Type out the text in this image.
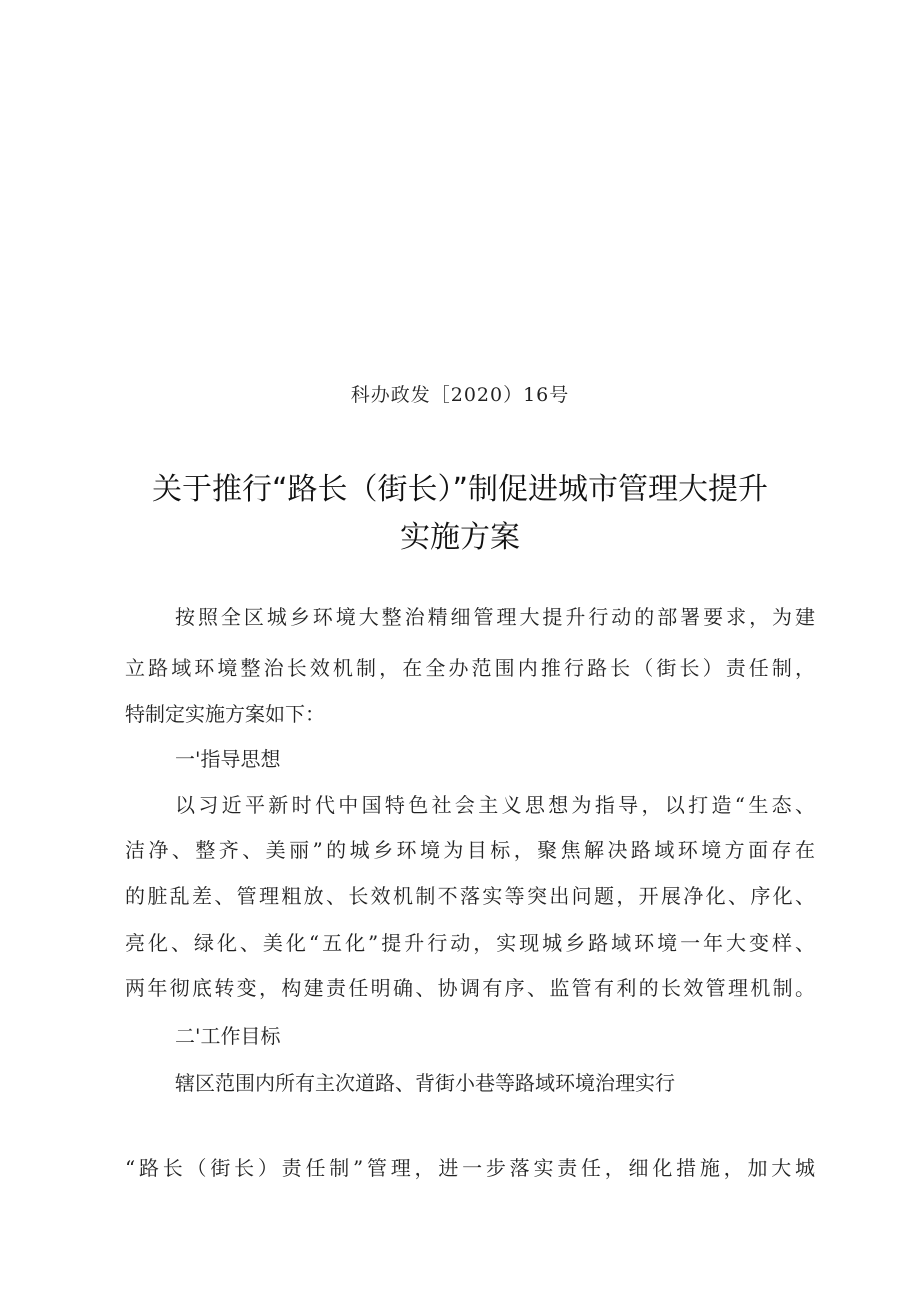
科办政发［2020）16号
关于推行“路长（街长）”制促进城市管理大提升
实施方案
按照全区城乡环境大整治精细管理大提升行动的部署要求，为建
立路域环境整治长效机制，在全办范围内推行路长（街长）责任制，
特制定实施方案如下：
一'指导思想
以习近平新时代中国特色社会主义思想为指导，以打造“生态、
洁净、整齐、美丽”的城乡环境为目标，聚焦解决路域环境方面存在
的脏乱差、管理粗放、长效机制不落实等突出问题，开展净化、序化、
亮化、绿化、美化“五化”提升行动，实现城乡路域环境一年大变样、
两年彻底转变，构建责任明确、协调有序、监管有利的长效管理机制。
二'工作目标
辖区范围内所有主次道路、背街小巷等路域环境治理实行
“路长（街长）责任制”管理，进一步落实责任，细化措施，加大城
